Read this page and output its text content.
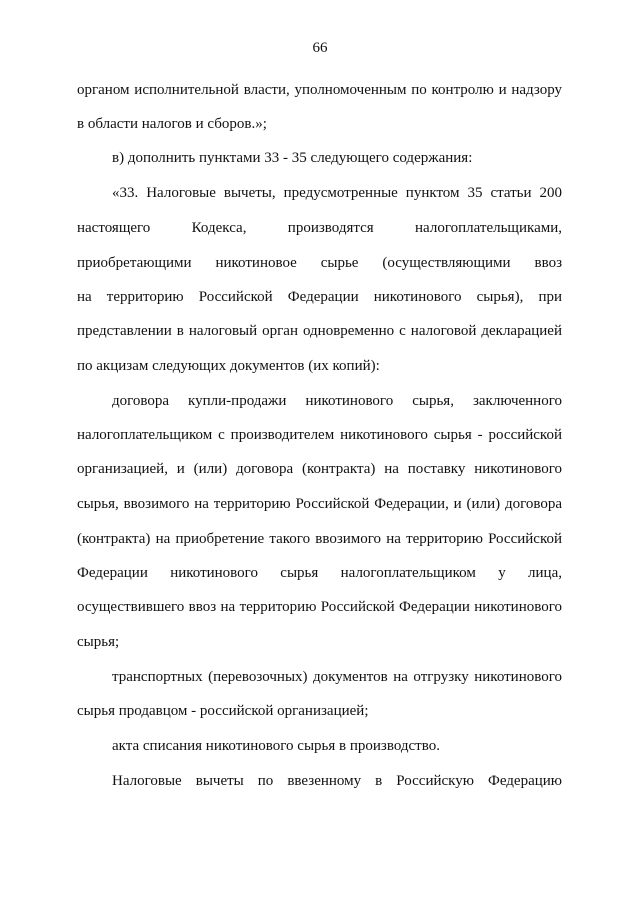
66
органом исполнительной власти, уполномоченным по контролю и надзору
в области налогов и сборов.»;
в) дополнить пунктами 33 - 35 следующего содержания:
«33. Налоговые вычеты, предусмотренные пунктом 35 статьи 200
настоящего Кодекса, производятся налогоплательщиками,
приобретающими никотиновое сырье (осуществляющими ввоз
на территорию Российской Федерации никотинового сырья), при
представлении в налоговый орган одновременно с налоговой декларацией
по акцизам следующих документов (их копий):
договора купли-продажи никотинового сырья, заключенного
налогоплательщиком с производителем никотинового сырья - российской
организацией, и (или) договора (контракта) на поставку никотинового
сырья, ввозимого на территорию Российской Федерации, и (или) договора
(контракта) на приобретение такого ввозимого на территорию Российской
Федерации никотинового сырья налогоплательщиком у лица,
осуществившего ввоз на территорию Российской Федерации никотинового
сырья;
транспортных (перевозочных) документов на отгрузку никотинового
сырья продавцом - российской организацией;
акта списания никотинового сырья в производство.
Налоговые вычеты по ввезенному в Российскую Федерацию
